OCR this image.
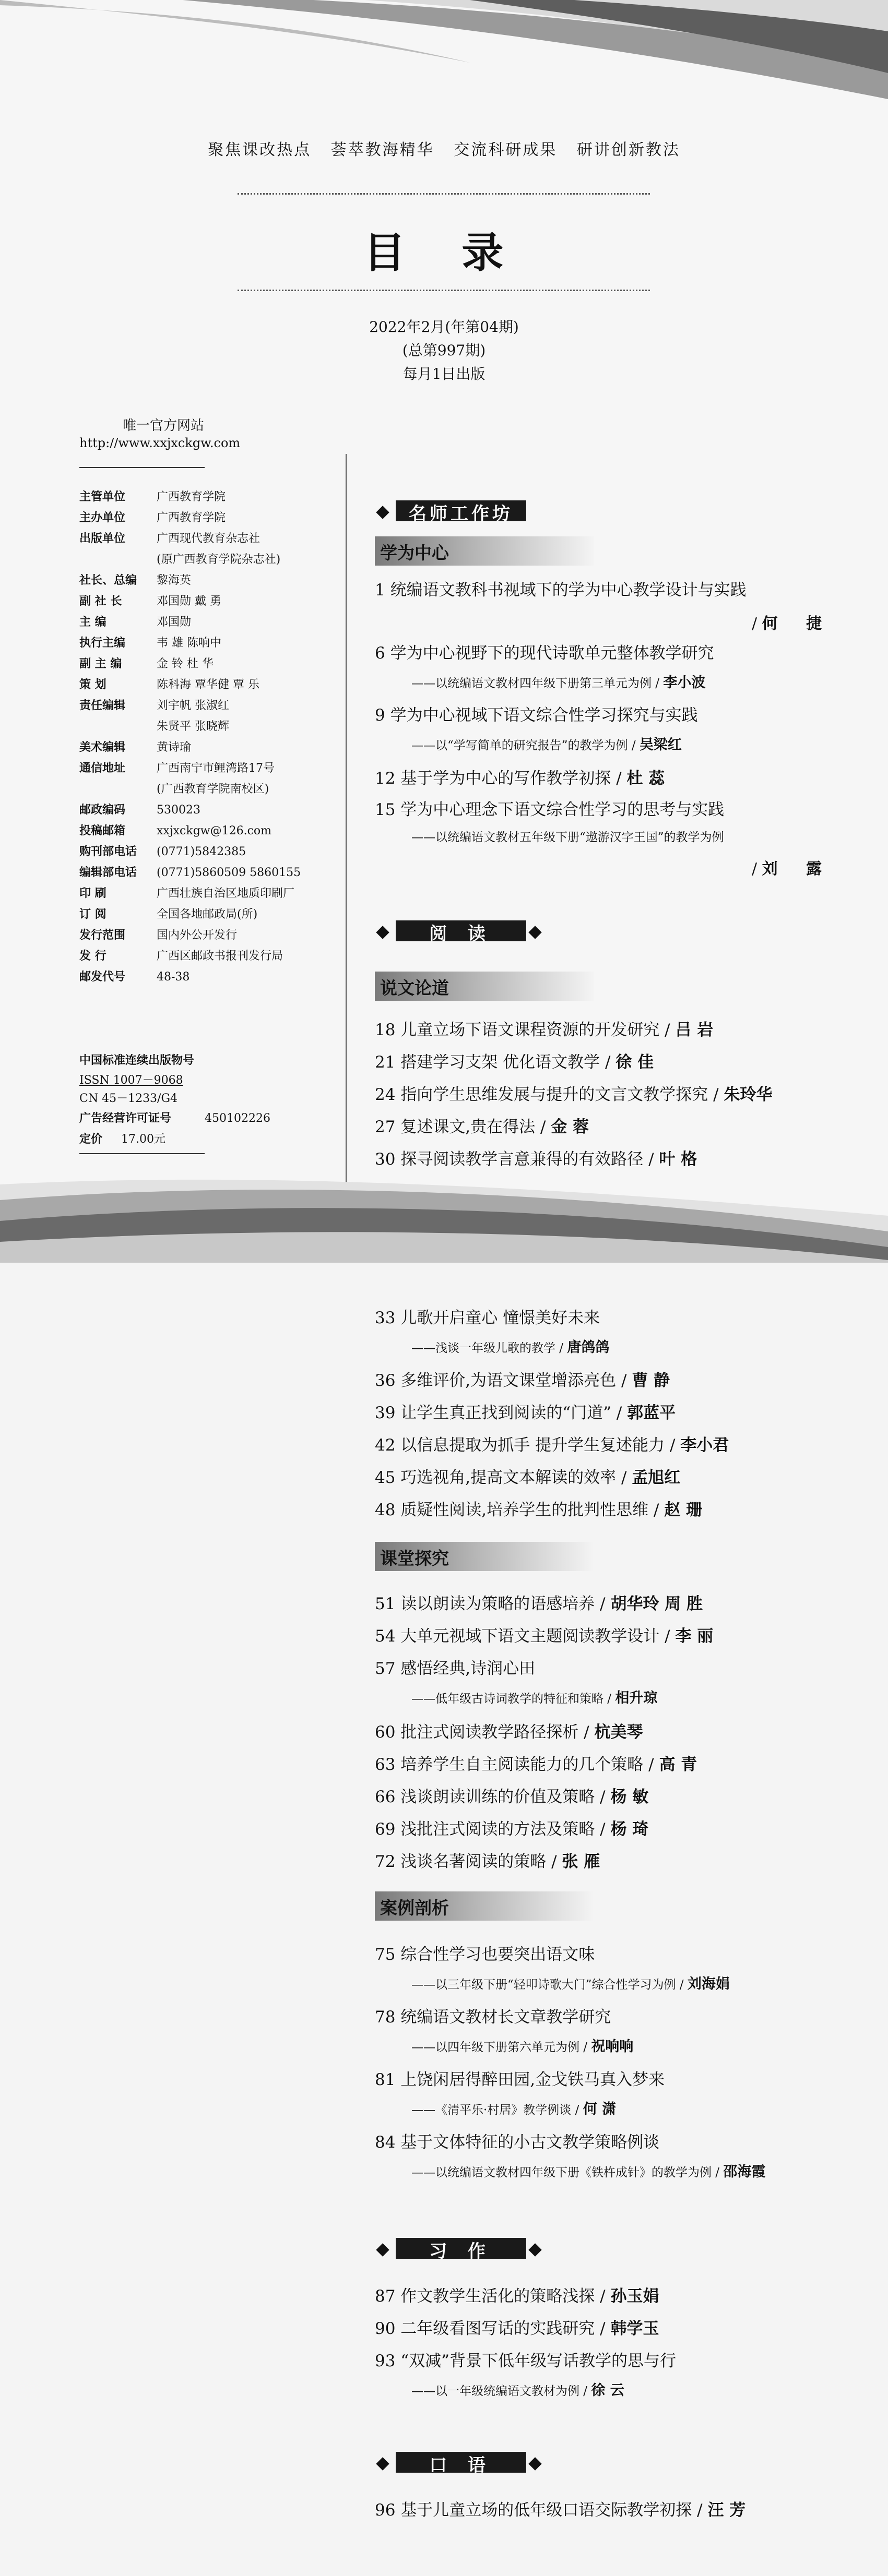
聚焦课改热点 荟萃教海精华 交流科研成果 研讲创新教法
目 录
2022年2月(年第04期)
(总第997期)
每月1日出版
唯一官方网站
http://www.xxjxckgw.com
主管单位	广西教育学院
主办单位	广西教育学院
出版单位	广西现代教育杂志社
(原广西教育学院杂志社)
社长、总编 黎海英
副 社 长	邓国勋 戴 勇
主 编	邓国勋
执行主编	韦 雄 陈响中
副 主 编	金 铃 杜 华
策 划	陈科海 覃华健 覃 乐
责任编辑	刘宇帆 张淑红
朱贤平 张晓辉
美术编辑	黄诗瑜
通信地址	广西南宁市鲤湾路17号
(广西教育学院南校区)
邮政编码	530023
投稿邮箱	xxjxckgw@126.com
购刊部电话 (0771)5842385
编辑部电话 (0771)5860509 5860155
印 刷	广西壮族自治区地质印刷厂
订 阅	全国各地邮政局(所)
发行范围	国内外公开发行
发 行	广西区邮政书报刊发行局
邮发代号	48-38
中国标准连续出版物号
ISSN 1007－9068
CN 45－1233/G4
广告经营许可证号	450102226
定价 17.00元
名师工作坊
学为中心
1 统编语文教科书视域下的学为中心教学设计与实践
/ 何 捷
6 学为中心视野下的现代诗歌单元整体教学研究
——以统编语文教材四年级下册第三单元为例 / 李小波
9 学为中心视域下语文综合性学习探究与实践
——以“学写简单的研究报告”的教学为例 / 吴梁红
12 基于学为中心的写作教学初探 / 杜 蕊
15 学为中心理念下语文综合性学习的思考与实践
——以统编语文教材五年级下册“遨游汉字王国”的教学为例
/ 刘 露
阅 读
说文论道
18 儿童立场下语文课程资源的开发研究 / 吕 岩
21 搭建学习支架 优化语文教学 / 徐 佳
24 指向学生思维发展与提升的文言文教学探究 / 朱玲华
27 复述课文,贵在得法 / 金 蓉
30 探寻阅读教学言意兼得的有效路径 / 叶 格
33 儿歌开启童心 憧憬美好未来
——浅谈一年级儿歌的教学 / 唐鸽鸽
36 多维评价,为语文课堂增添亮色 / 曹 静
39 让学生真正找到阅读的“门道” / 郭蓝平
42 以信息提取为抓手 提升学生复述能力 / 李小君
45 巧选视角,提高文本解读的效率 / 孟旭红
48 质疑性阅读,培养学生的批判性思维 / 赵 珊
课堂探究
51 读以朗读为策略的语感培养 / 胡华玲 周 胜
54 大单元视域下语文主题阅读教学设计 / 李 丽
57 感悟经典,诗润心田
——低年级古诗词教学的特征和策略 / 相升琼
60 批注式阅读教学路径探析 / 杭美琴
63 培养学生自主阅读能力的几个策略 / 高 青
66 浅谈朗读训练的价值及策略 / 杨 敏
69 浅批注式阅读的方法及策略 / 杨 琦
72 浅谈名著阅读的策略 / 张 雁
案例剖析
75 综合性学习也要突出语文味
——以三年级下册“轻叩诗歌大门”综合性学习为例 / 刘海娟
78 统编语文教材长文章教学研究
——以四年级下册第六单元为例 / 祝响响
81 上饶闲居得醉田园,金戈铁马真入梦来
——《清平乐·村居》教学例谈 / 何 潇
84 基于文体特征的小古文教学策略例谈
——以统编语文教材四年级下册《铁杵成针》的教学为例 / 邵海霞
习 作
87 作文教学生活化的策略浅探 / 孙玉娟
90 二年级看图写话的实践研究 / 韩学玉
93 “双减”背景下低年级写话教学的思与行
——以一年级统编语文教材为例 / 徐 云
口 语
96 基于儿童立场的低年级口语交际教学初探 / 汪 芳
